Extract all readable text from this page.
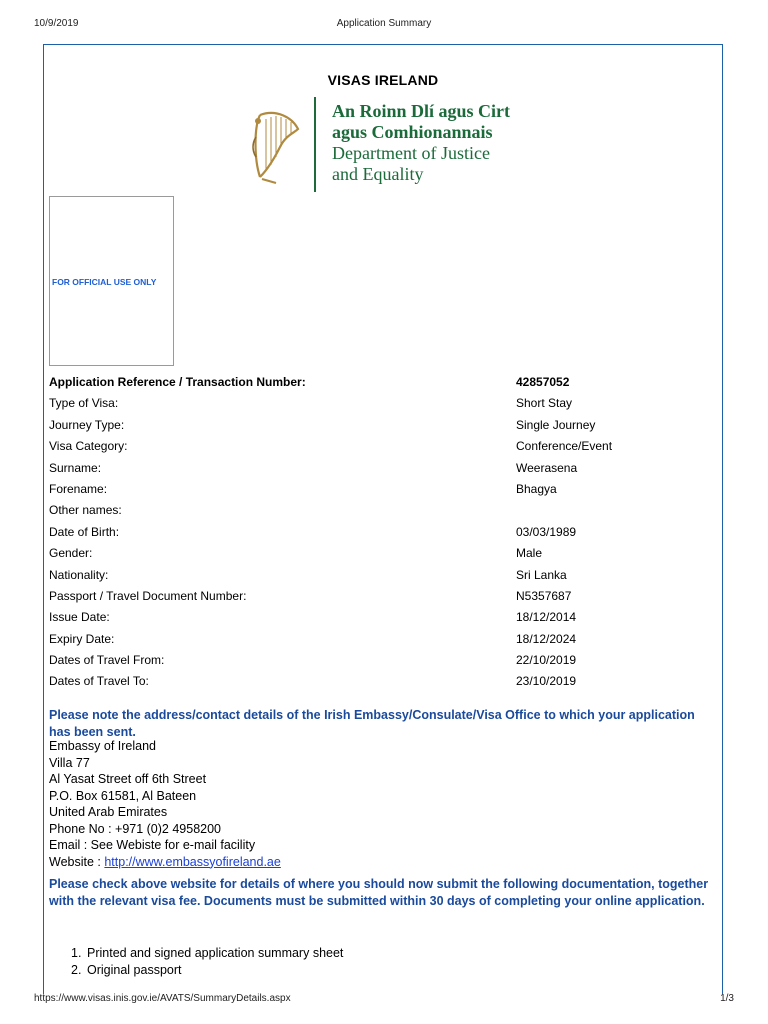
10/9/2019	Application Summary
VISAS IRELAND
An Roinn Dlí agus Cirt
agus Comhionannais
Department of Justice
and Equality
FOR OFFICIAL USE ONLY
Application Reference / Transaction Number:	42857052
Type of Visa:	Short Stay
Journey Type:	Single Journey
Visa Category:	Conference/Event
Surname:	Weerasena
Forename:	Bhagya
Other names:
Date of Birth:	03/03/1989
Gender:	Male
Nationality:	Sri Lanka
Passport / Travel Document Number:	N5357687
Issue Date:	18/12/2014
Expiry Date:	18/12/2024
Dates of Travel From:	22/10/2019
Dates of Travel To:	23/10/2019
Please note the address/contact details of the Irish Embassy/Consulate/Visa Office to which your application has been sent.
Embassy of Ireland
Villa 77
Al Yasat Street off 6th Street
P.O. Box 61581, Al Bateen
United Arab Emirates
Phone No : +971 (0)2 4958200
Email : See Webiste for e-mail facility
Website : http://www.embassyofireland.ae
Please check above website for details of where you should now submit the following documentation, together with the relevant visa fee. Documents must be submitted within 30 days of completing your online application.
1. Printed and signed application summary sheet
2. Original passport
https://www.visas.inis.gov.ie/AVATS/SummaryDetails.aspx	1/3
